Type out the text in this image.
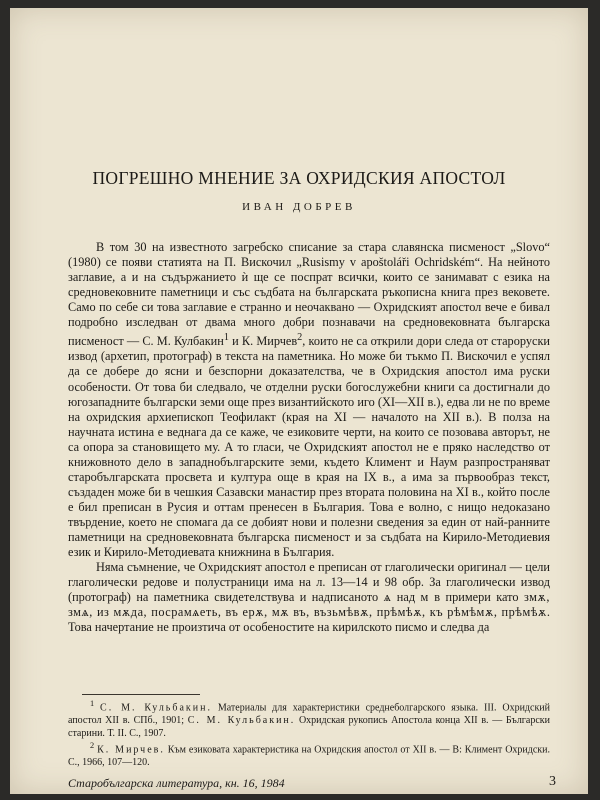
ПОГРЕШНО МНЕНИЕ ЗА ОХРИДСКИЯ АПОСТОЛ
ИВАН ДОБРЕВ

В том 30 на известното загребско списание за стара славянска писменост „Slovo“ (1980) се появи статията на П. Вискочил „Rusismy v apoštoláři Ochridském“. На нейното заглавие, а и на съдържанието ѝ ще се поспрат всички, които се занимават с езика на средновековните паметници и със съдбата на българската ръкописна книга през вековете. Само по себе си това заглавие е странно и неочаквано — Охридският апостол вече е бивал подробно изследван от двама много добри познавачи на средновековната българска писменост — С. М. Кулбакин$^1$ и К. Мирчев$^2$, които не са открили дори следа от староруски извод (архетип, протограф) в текста на паметника. Но може би тъкмо П. Вискочил е успял да се добере до ясни и безспорни доказателства, че в Охридския апостол има руски особености. От това би следвало, че отделни руски богослужебни книги са достигнали до югозападните български земи още през византийското иго (XI—XII в.), едва ли не по време на охридския архиепископ Теофилакт (края на XI — началото на XII в.). В полза на научната истина е веднага да се каже, че езиковите черти, на които се позовава авторът, не са опора за становището му. А то гласи, че Охридският апостол не е пряко наследство от книжовното дело в западнобългарските земи, където Климент и Наум разпространяват старобългарската просвета и култура още в края на IX в., а има за първообраз текст, създаден може би в чешкия Сазавски манастир през втората половина на XI в., който после е бил преписан в Русия и оттам пренесен в България. Това е волно, с нищо недоказано твърдение, което не спомага да се добият нови и полезни сведения за един от най-ранните паметници на средновековната българска писменост и за съдбата на Кирило-Методиевия език и Кирило-Методиевата книжнина в България.

Няма съмнение, че Охридският апостол е преписан от глаголически оригинал — цели глаголически редове и полустраници има на л. 13—14 и 98 обр. За глаголически извод (протограф) на паметника свидетелствува и надписаното ѧ над м в примери като змѫ, змѧ, из мѫда, посрамѧеть, въ ерѫ, мѫ въ, възьмѣвѫ, прѣмѣѫ, къ рѣмѣмѫ, прѣмѣѫ. Това начертание не произтича от особеностите на кирилското писмо и следва да

$^1$ С. М. Кульбакин. Материалы для характеристики среднеболгарского языка. III. Охридский апостол XII в. СПб., 1901; С. М. Кульбакин. Охридская рукопись Апостола конца XII в. — Български старини. Т. II. С., 1907.

$^2$ К. Мирчев. Към езиковата характеристика на Охридския апостол от XII в. — В: Климент Охридски. С., 1966, 107—120.

Старобългарска литература, кн. 16, 1984	3
